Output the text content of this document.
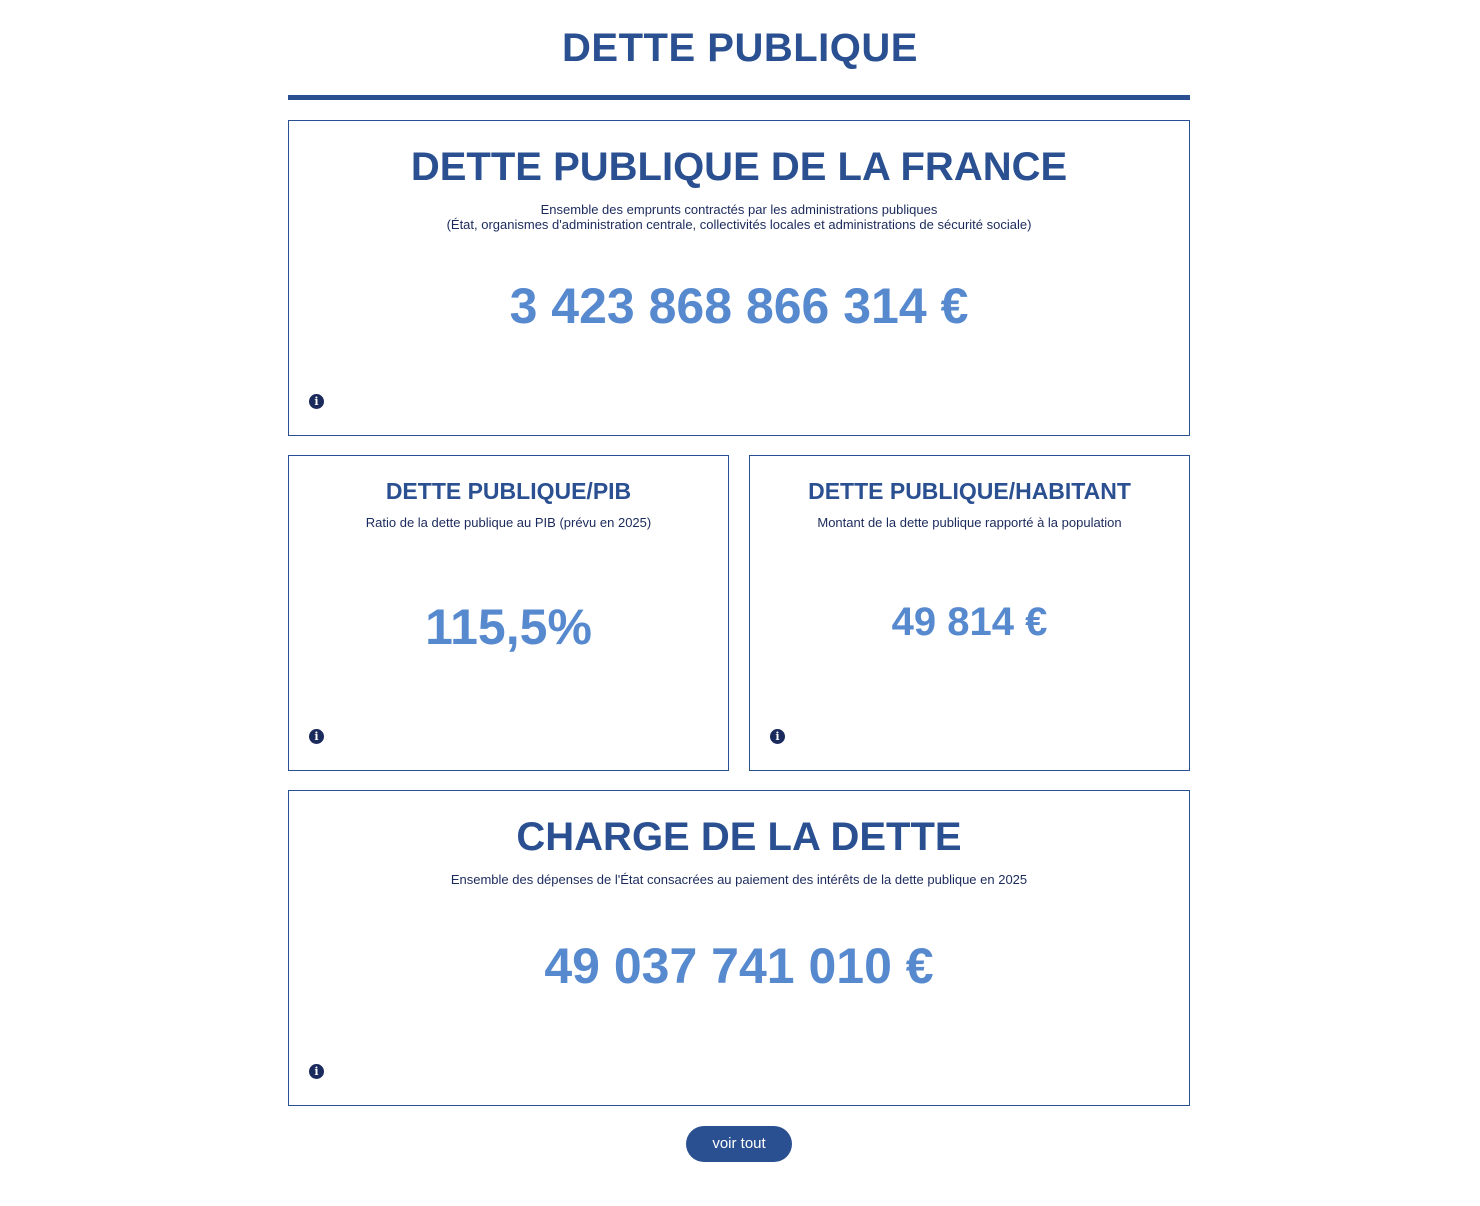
DETTE PUBLIQUE
DETTE PUBLIQUE DE LA FRANCE
Ensemble des emprunts contractés par les administrations publiques
(État, organismes d'administration centrale, collectivités locales et administrations de sécurité sociale)
3 423 868 866 314 €
i
DETTE PUBLIQUE/PIB
Ratio de la dette publique au PIB (prévu en 2025)
115,5%
i
DETTE PUBLIQUE/HABITANT
Montant de la dette publique rapporté à la population
49 814 €
i
CHARGE DE LA DETTE
Ensemble des dépenses de l'État consacrées au paiement des intérêts de la dette publique en 2025
49 037 741 010 €
i
voir tout
